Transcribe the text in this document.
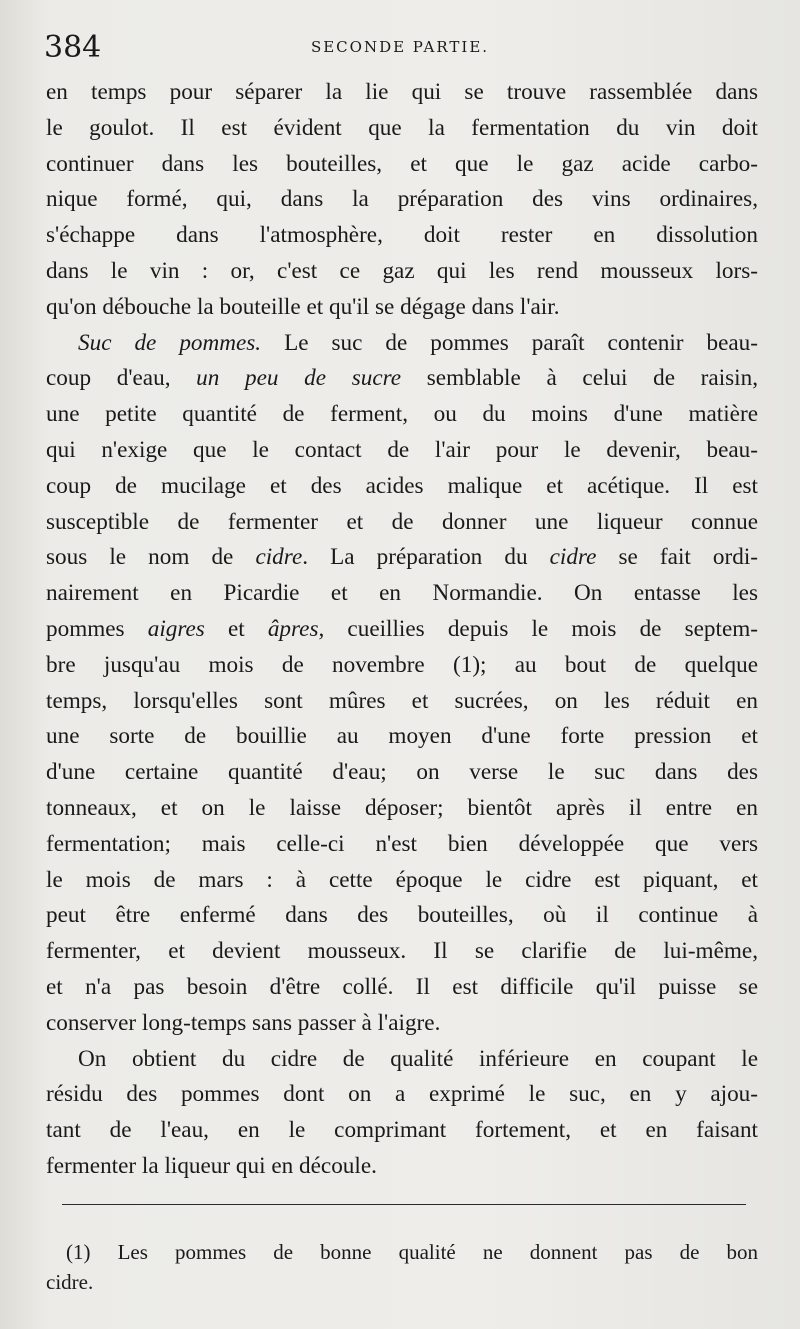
384	SECONDE PARTIE.
en temps pour séparer la lie qui se trouve rassemblée dans
le goulot. Il est évident que la fermentation du vin doit
continuer dans les bouteilles, et que le gaz acide carbo-
nique formé, qui, dans la préparation des vins ordinaires,
s'échappe dans l'atmosphère, doit rester en dissolution
dans le vin : or, c'est ce gaz qui les rend mousseux lors-
qu'on débouche la bouteille et qu'il se dégage dans l'air.
Suc de pommes. Le suc de pommes paraît contenir beau-
coup d'eau, un peu de sucre semblable à celui de raisin,
une petite quantité de ferment, ou du moins d'une matière
qui n'exige que le contact de l'air pour le devenir, beau-
coup de mucilage et des acides malique et acétique. Il est
susceptible de fermenter et de donner une liqueur connue
sous le nom de cidre. La préparation du cidre se fait ordi-
nairement en Picardie et en Normandie. On entasse les
pommes aigres et âpres, cueillies depuis le mois de septem-
bre jusqu'au mois de novembre (1); au bout de quelque
temps, lorsqu'elles sont mûres et sucrées, on les réduit en
une sorte de bouillie au moyen d'une forte pression et
d'une certaine quantité d'eau; on verse le suc dans des
tonneaux, et on le laisse déposer; bientôt après il entre en
fermentation; mais celle-ci n'est bien développée que vers
le mois de mars : à cette époque le cidre est piquant, et
peut être enfermé dans des bouteilles, où il continue à
fermenter, et devient mousseux. Il se clarifie de lui-même,
et n'a pas besoin d'être collé. Il est difficile qu'il puisse se
conserver long-temps sans passer à l'aigre.
On obtient du cidre de qualité inférieure en coupant le
résidu des pommes dont on a exprimé le suc, en y ajou-
tant de l'eau, en le comprimant fortement, et en faisant
fermenter la liqueur qui en découle.
(1) Les pommes de bonne qualité ne donnent pas de bon
cidre.
